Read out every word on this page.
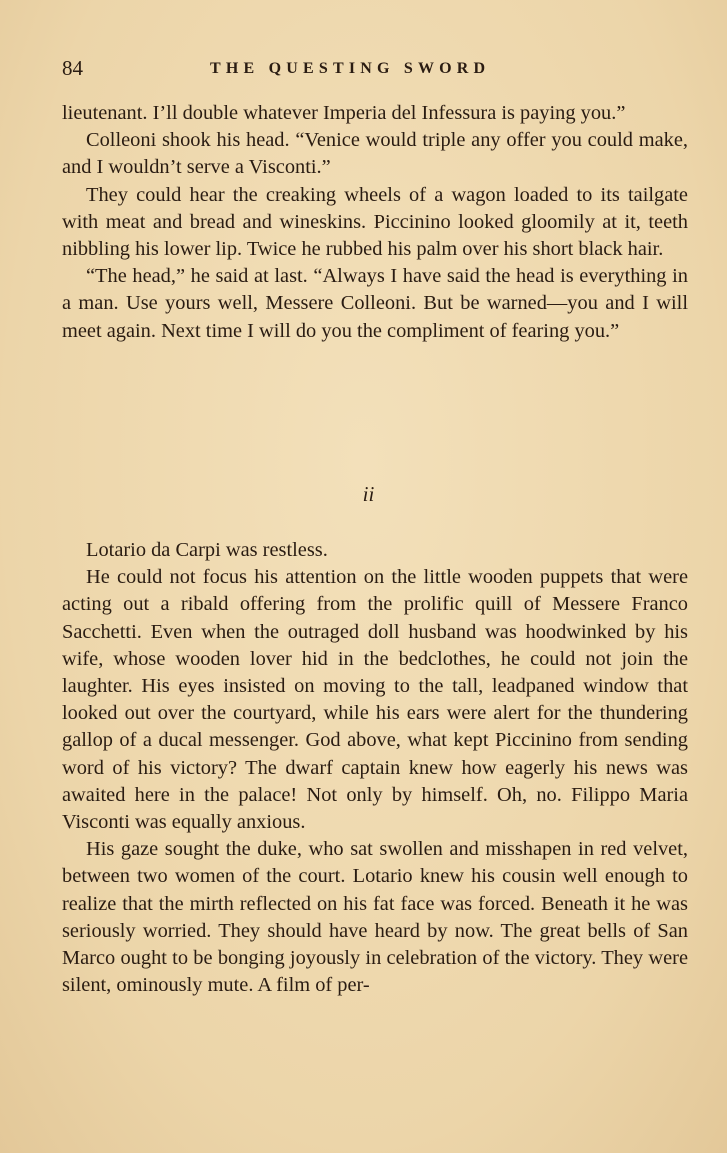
84	THE QUESTING SWORD

lieutenant. I’ll double whatever Imperia del Infessura is paying you.”

Colleoni shook his head. “Venice would triple any offer you could make, and I wouldn’t serve a Visconti.”

They could hear the creaking wheels of a wagon loaded to its tailgate with meat and bread and wineskins. Piccinino looked gloomily at it, teeth nibbling his lower lip. Twice he rubbed his palm over his short black hair.

“The head,” he said at last. “Always I have said the head is everything in a man. Use yours well, Messere Colleoni. But be warned—you and I will meet again. Next time I will do you the compliment of fearing you.”

ii

Lotario da Carpi was restless.

He could not focus his attention on the little wooden puppets that were acting out a ribald offering from the prolific quill of Messere Franco Sacchetti. Even when the outraged doll husband was hoodwinked by his wife, whose wooden lover hid in the bedclothes, he could not join the laughter. His eyes insisted on moving to the tall, leadpaned window that looked out over the courtyard, while his ears were alert for the thundering gallop of a ducal messenger. God above, what kept Piccinino from sending word of his victory? The dwarf captain knew how eagerly his news was awaited here in the palace! Not only by himself. Oh, no. Filippo Maria Visconti was equally anxious.

His gaze sought the duke, who sat swollen and misshapen in red velvet, between two women of the court. Lotario knew his cousin well enough to realize that the mirth reflected on his fat face was forced. Beneath it he was seriously worried. They should have heard by now. The great bells of San Marco ought to be bonging joyously in celebration of the victory. They were silent, ominously mute. A film of per-
